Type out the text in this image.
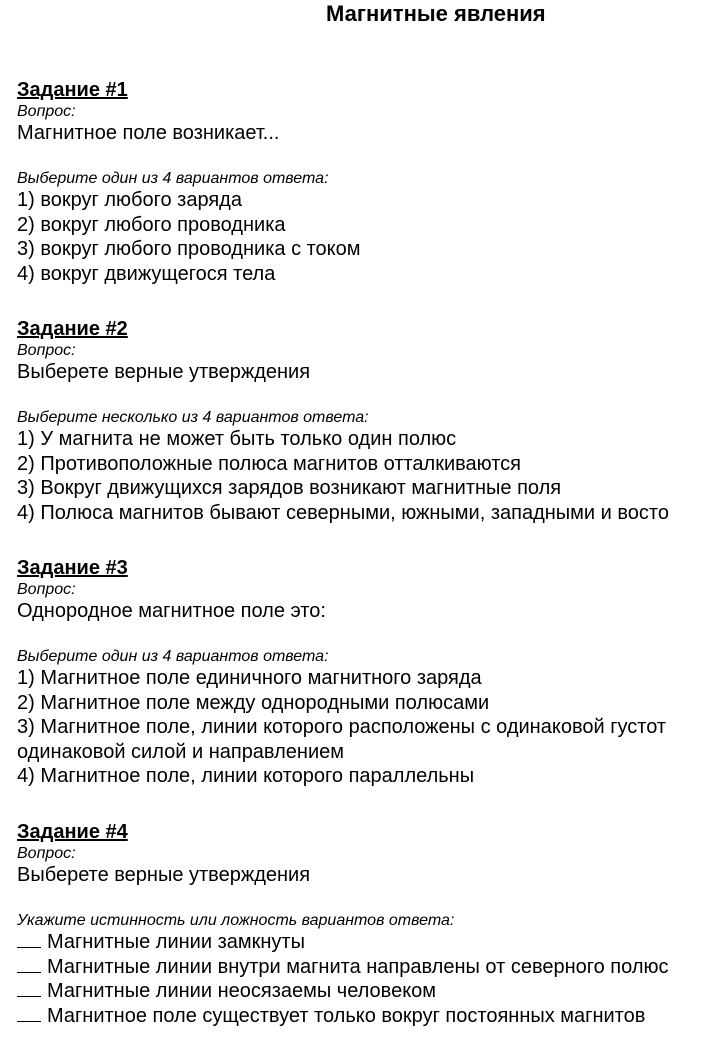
Магнитные явления
Задание #1
Вопрос:
Магнитное поле возникает...
Выберите один из 4 вариантов ответа:
1) вокруг любого заряда
2) вокруг любого проводника
3) вокруг любого проводника с током
4) вокруг движущегося тела
Задание #2
Вопрос:
Выберете верные утверждения
Выберите несколько из 4 вариантов ответа:
1) У магнита не может быть только один полюс
2) Противоположные полюса магнитов отталкиваются
3) Вокруг движущихся зарядов возникают магнитные поля
4) Полюса магнитов бывают северными, южными, западными и восто
Задание #3
Вопрос:
Однородное магнитное поле это:
Выберите один из 4 вариантов ответа:
1) Магнитное поле единичного магнитного заряда
2) Магнитное поле между однородными полюсами
3) Магнитное поле, линии которого расположены с одинаковой густот
одинаковой силой и направлением
4) Магнитное поле, линии которого параллельны
Задание #4
Вопрос:
Выберете верные утверждения
Укажите истинность или ложность вариантов ответа:
Магнитные линии замкнуты
Магнитные линии внутри магнита направлены от северного полюс
Магнитные линии неосязаемы человеком
Магнитное поле существует только вокруг постоянных магнитов
